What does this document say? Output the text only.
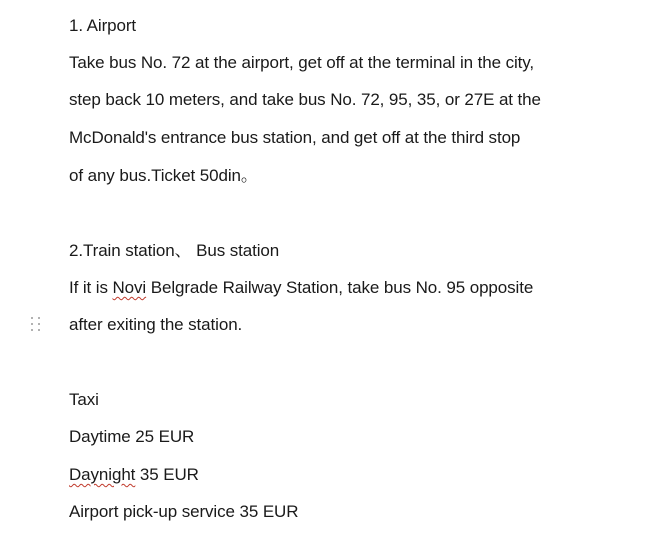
1. Airport
Take bus No. 72 at the airport, get off at the terminal in the city,
step back 10 meters, and take bus No. 72, 95, 35, or 27E at the
McDonald's entrance bus station, and get off at the third stop
of any bus.Ticket 50din。
2.Train station、 Bus station
If it is Novi Belgrade Railway Station, take bus No. 95 opposite
after exiting the station.
Taxi
Daytime 25 EUR
Daynight 35 EUR
Airport pick-up service 35 EUR
